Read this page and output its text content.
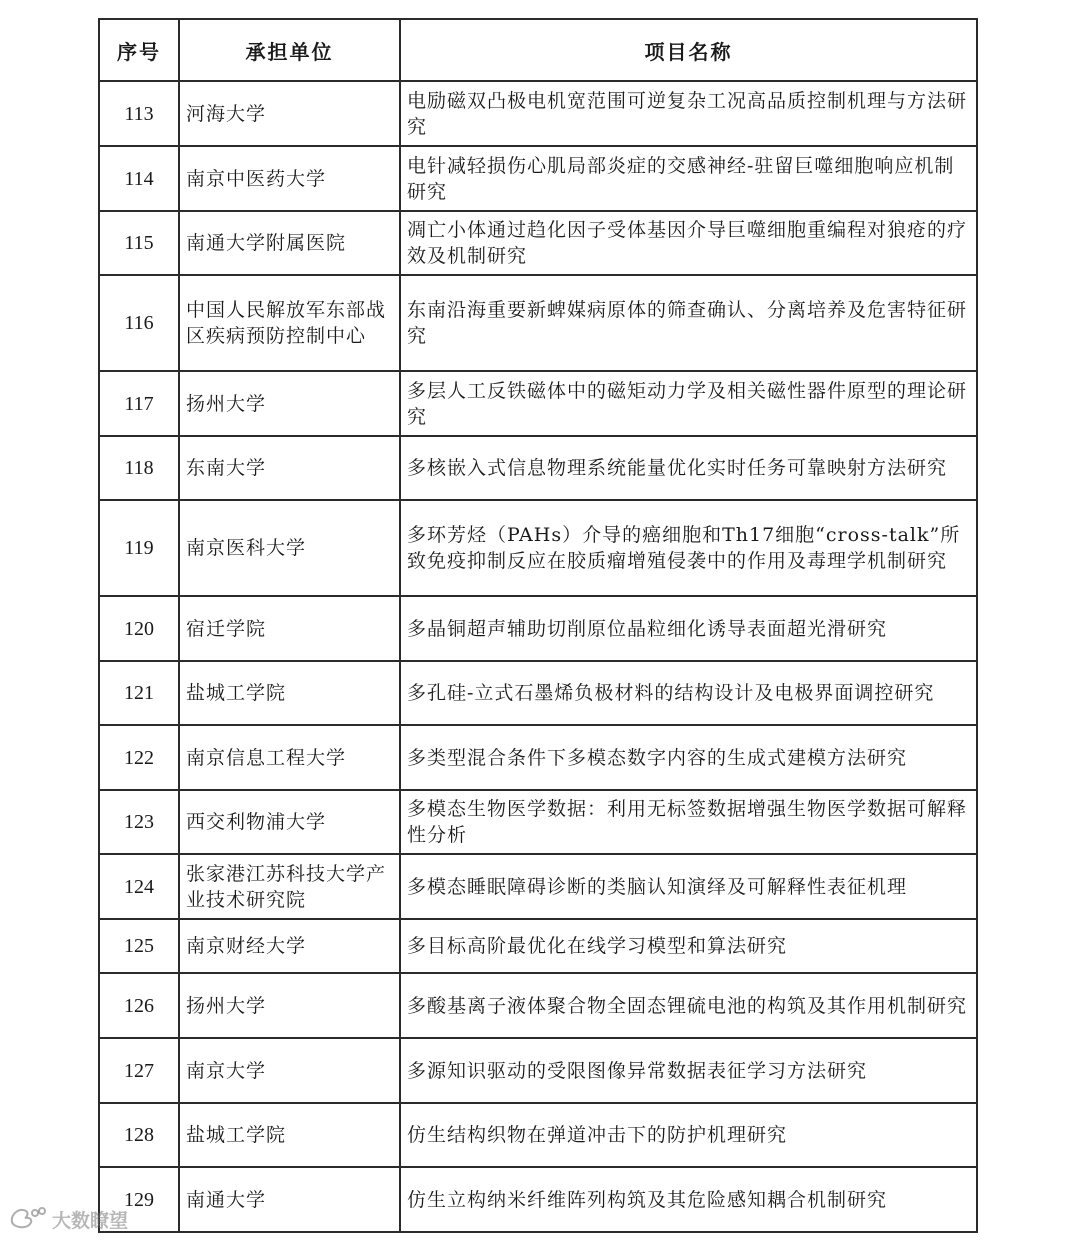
序号	承担单位	项目名称
113	河海大学	电励磁双凸极电机宽范围可逆复杂工况高品质控制机理与方法研究
114	南京中医药大学	电针减轻损伤心肌局部炎症的交感神经-驻留巨噬细胞响应机制研究
115	南通大学附属医院	凋亡小体通过趋化因子受体基因介导巨噬细胞重编程对狼疮的疗效及机制研究
116	中国人民解放军东部战区疾病预防控制中心	东南沿海重要新蜱媒病原体的筛查确认、分离培养及危害特征研究
117	扬州大学	多层人工反铁磁体中的磁矩动力学及相关磁性器件原型的理论研究
118	东南大学	多核嵌入式信息物理系统能量优化实时任务可靠映射方法研究
119	南京医科大学	多环芳烃（PAHs）介导的癌细胞和Th17细胞“cross-talk”所致免疫抑制反应在胶质瘤增殖侵袭中的作用及毒理学机制研究
120	宿迁学院	多晶铜超声辅助切削原位晶粒细化诱导表面超光滑研究
121	盐城工学院	多孔硅-立式石墨烯负极材料的结构设计及电极界面调控研究
122	南京信息工程大学	多类型混合条件下多模态数字内容的生成式建模方法研究
123	西交利物浦大学	多模态生物医学数据：利用无标签数据增强生物医学数据可解释性分析
124	张家港江苏科技大学产业技术研究院	多模态睡眠障碍诊断的类脑认知演绎及可解释性表征机理
125	南京财经大学	多目标高阶最优化在线学习模型和算法研究
126	扬州大学	多酸基离子液体聚合物全固态锂硫电池的构筑及其作用机制研究
127	南京大学	多源知识驱动的受限图像异常数据表征学习方法研究
128	盐城工学院	仿生结构织物在弹道冲击下的防护机理研究
129	南通大学	仿生立构纳米纤维阵列构筑及其危险感知耦合机制研究
大数瞭望
